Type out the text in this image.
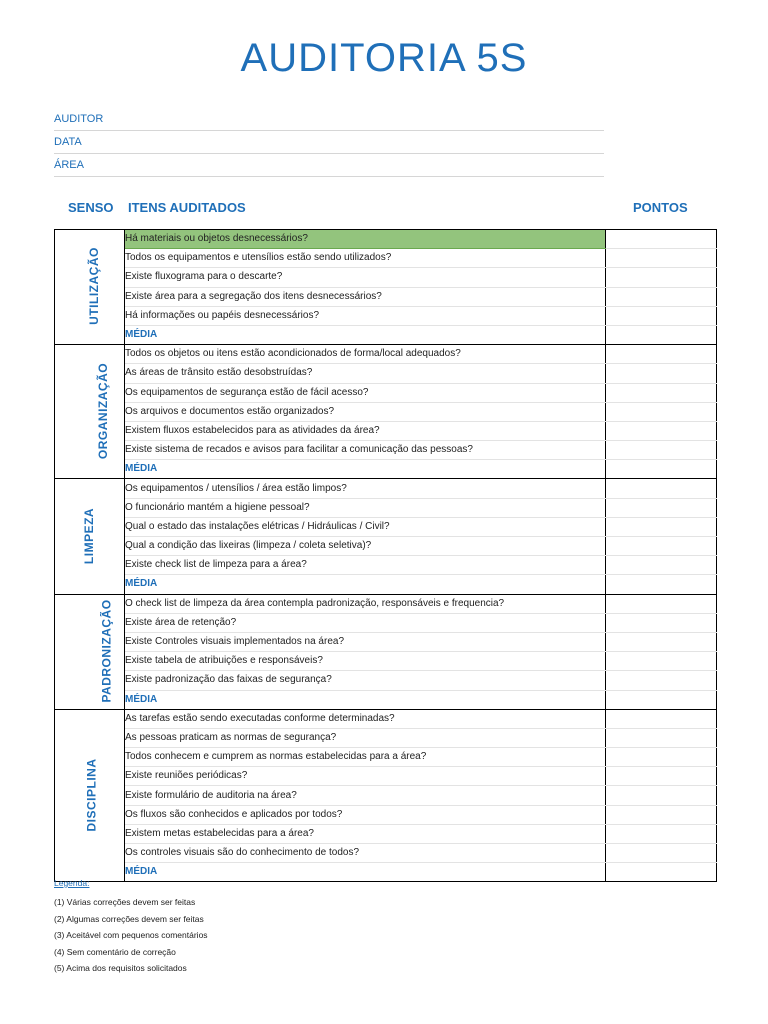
AUDITORIA 5S
AUDITOR
DATA
ÁREA
SENSO ITENS AUDITADOS	PONTOS
UTILIZAÇÃO	Há materiais ou objetos desnecessários?	
	Todos os equipamentos e utensílios estão sendo utilizados?	
	Existe fluxograma para o descarte?	
	Existe área para a segregação dos itens desnecessários?	
	Há informações ou papéis desnecessários?	
	MÉDIA	
ORGANIZAÇÃO	Todos os objetos ou itens estão acondicionados de forma/local adequados?	
	As áreas de trânsito estão desobstruídas?	
	Os equipamentos de segurança estão de fácil acesso?	
	Os arquivos e documentos estão organizados?	
	Existem fluxos estabelecidos para as atividades da área?	
	Existe sistema de recados e avisos para facilitar a comunicação das pessoas?	
	MÉDIA	
LIMPEZA	Os equipamentos / utensílios / área estão limpos?	
	O funcionário mantém a higiene pessoal?	
	Qual o estado das instalações elétricas / Hidráulicas / Civil?	
	Qual a condição das lixeiras (limpeza / coleta seletiva)?	
	Existe check list de limpeza para a área?	
	MÉDIA	
PADRONIZAÇÃO	O check list de limpeza da área contempla padronização, responsáveis e frequencia?	
	Existe área de retenção?	
	Existe Controles visuais implementados na área?	
	Existe tabela de atribuições e responsáveis?	
	Existe padronização das faixas de segurança?	
	MÉDIA	
DISCIPLINA	As tarefas estão sendo executadas conforme determinadas?	
	As pessoas praticam as normas de segurança?	
	Todos conhecem e cumprem as normas estabelecidas para a área?	
	Existe reuniões periódicas?	
	Existe formulário de auditoria na área?	
	Os fluxos são conhecidos e aplicados por todos?	
	Existem metas estabelecidas para a área?	
	Os controles visuais são do conhecimento de todos?	
	MÉDIA	
Legenda:
(1) Várias correções devem ser feitas
(2) Algumas correções devem ser feitas
(3) Aceitável com pequenos comentários
(4) Sem comentário de correção
(5) Acima dos requisitos solicitados
